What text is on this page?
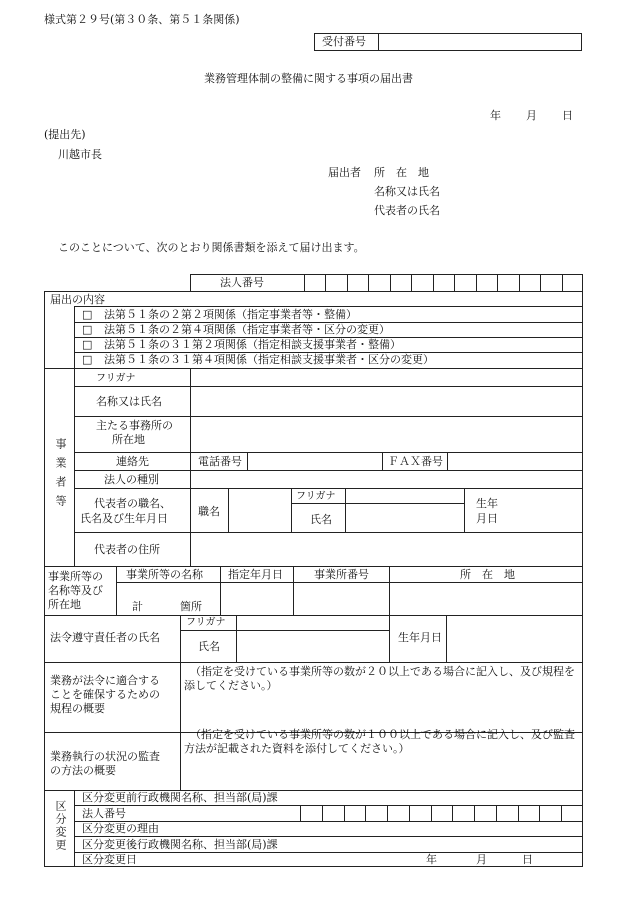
様式第２９号(第３０条、第５１条関係)
受付番号
業務管理体制の整備に関する事項の届出書
年 月 日
(提出先)
川越市長
届出者 所　在　地
名称又は氏名
代表者の氏名
このことについて、次のとおり関係書類を添えて届け出ます。
法人番号
届出の内容
□ 法第５１条の２第２項関係（指定事業者等・整備）
□ 法第５１条の２第４項関係（指定事業者等・区分の変更）
□ 法第５１条の３１第２項関係（指定相談支援事業者・整備）
□ 法第５１条の３１第４項関係（指定相談支援事業者・区分の変更）
事業者等
フリガナ
名称又は氏名
主たる事務所の
所在地
連絡先	電話番号	ＦＡＸ番号
法人の種別
代表者の職名、
氏名及び生年月日
職名
フリガナ
氏名
生年
月日
代表者の住所
事業所等の
名称等及び
所在地
事業所等の名称 指定年月日	事業所番号	所　在　地
計	箇所
法令遵守責任者の氏名
フリガナ
氏名
生年月日
業務が法令に適合する
ことを確保するための
規程の概要
（指定を受けている事業所等の数が２０以上である場合に記入し、及び規程を添してください。）
業務執行の状況の監査
の方法の概要
（指定を受けている事業所等の数が１００以上である場合に記入し、及び監査方法が記載された資料を添付してください。）
区分変更
区分変更前行政機関名称、担当部(局)課
法人番号
区分変更の理由
区分変更後行政機関名称、担当部(局)課
区分変更日	年	月	日
